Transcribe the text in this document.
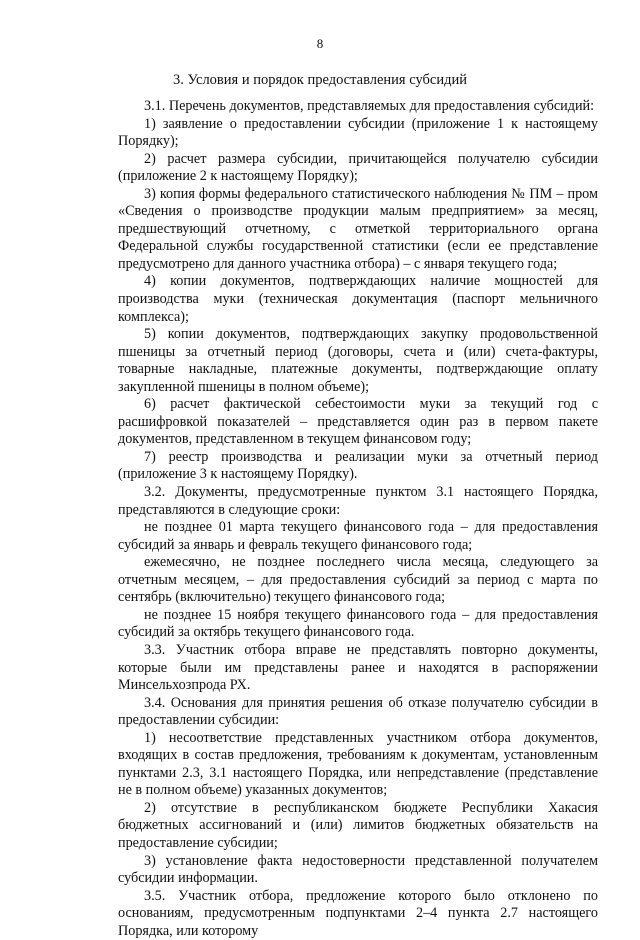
8
3. Условия и порядок предоставления субсидий

3.1. Перечень документов, представляемых для предоставления субсидий:

1) заявление о предоставлении субсидии (приложение 1 к настоящему Порядку);

2) расчет размера субсидии, причитающейся получателю субсидии (приложение 2 к настоящему Порядку);

3) копия формы федерального статистического наблюдения № ПМ – пром «Сведения о производстве продукции малым предприятием» за месяц, предшествующий отчетному, с отметкой территориального органа Федеральной службы государственной статистики (если ее представление предусмотрено для данного участника отбора) – с января текущего года;

4) копии документов, подтверждающих наличие мощностей для производства муки (техническая документация (паспорт мельничного комплекса);

5) копии документов, подтверждающих закупку продовольственной пшеницы за отчетный период (договоры, счета и (или) счета-фактуры, товарные накладные, платежные документы, подтверждающие оплату закупленной пшеницы в полном объеме);

6) расчет фактической себестоимости муки за текущий год с расшифровкой показателей – представляется один раз в первом пакете документов, представленном в текущем финансовом году;

7) реестр производства и реализации муки за отчетный период (приложение 3 к настоящему Порядку).

3.2. Документы, предусмотренные пунктом 3.1 настоящего Порядка, представляются в следующие сроки:

не позднее 01 марта текущего финансового года – для предоставления субсидий за январь и февраль текущего финансового года;

ежемесячно, не позднее последнего числа месяца, следующего за отчетным месяцем, – для предоставления субсидий за период с марта по сентябрь (включительно) текущего финансового года;

не позднее 15 ноября текущего финансового года – для предоставления субсидий за октябрь текущего финансового года.

3.3. Участник отбора вправе не представлять повторно документы, которые были им представлены ранее и находятся в распоряжении Минсельхозпрода РХ.

3.4. Основания для принятия решения об отказе получателю субсидии в предоставлении субсидии:

1) несоответствие представленных участником отбора документов, входящих в состав предложения, требованиям к документам, установленным пунктами 2.3, 3.1 настоящего Порядка, или непредставление (представление не в полном объеме) указанных документов;

2) отсутствие в республиканском бюджете Республики Хакасия бюджетных ассигнований и (или) лимитов бюджетных обязательств на предоставление субсидии;

3) установление факта недостоверности представленной получателем субсидии информации.

3.5. Участник отбора, предложение которого было отклонено по основаниям, предусмотренным подпунктами 2–4 пункта 2.7 настоящего Порядка, или которому
